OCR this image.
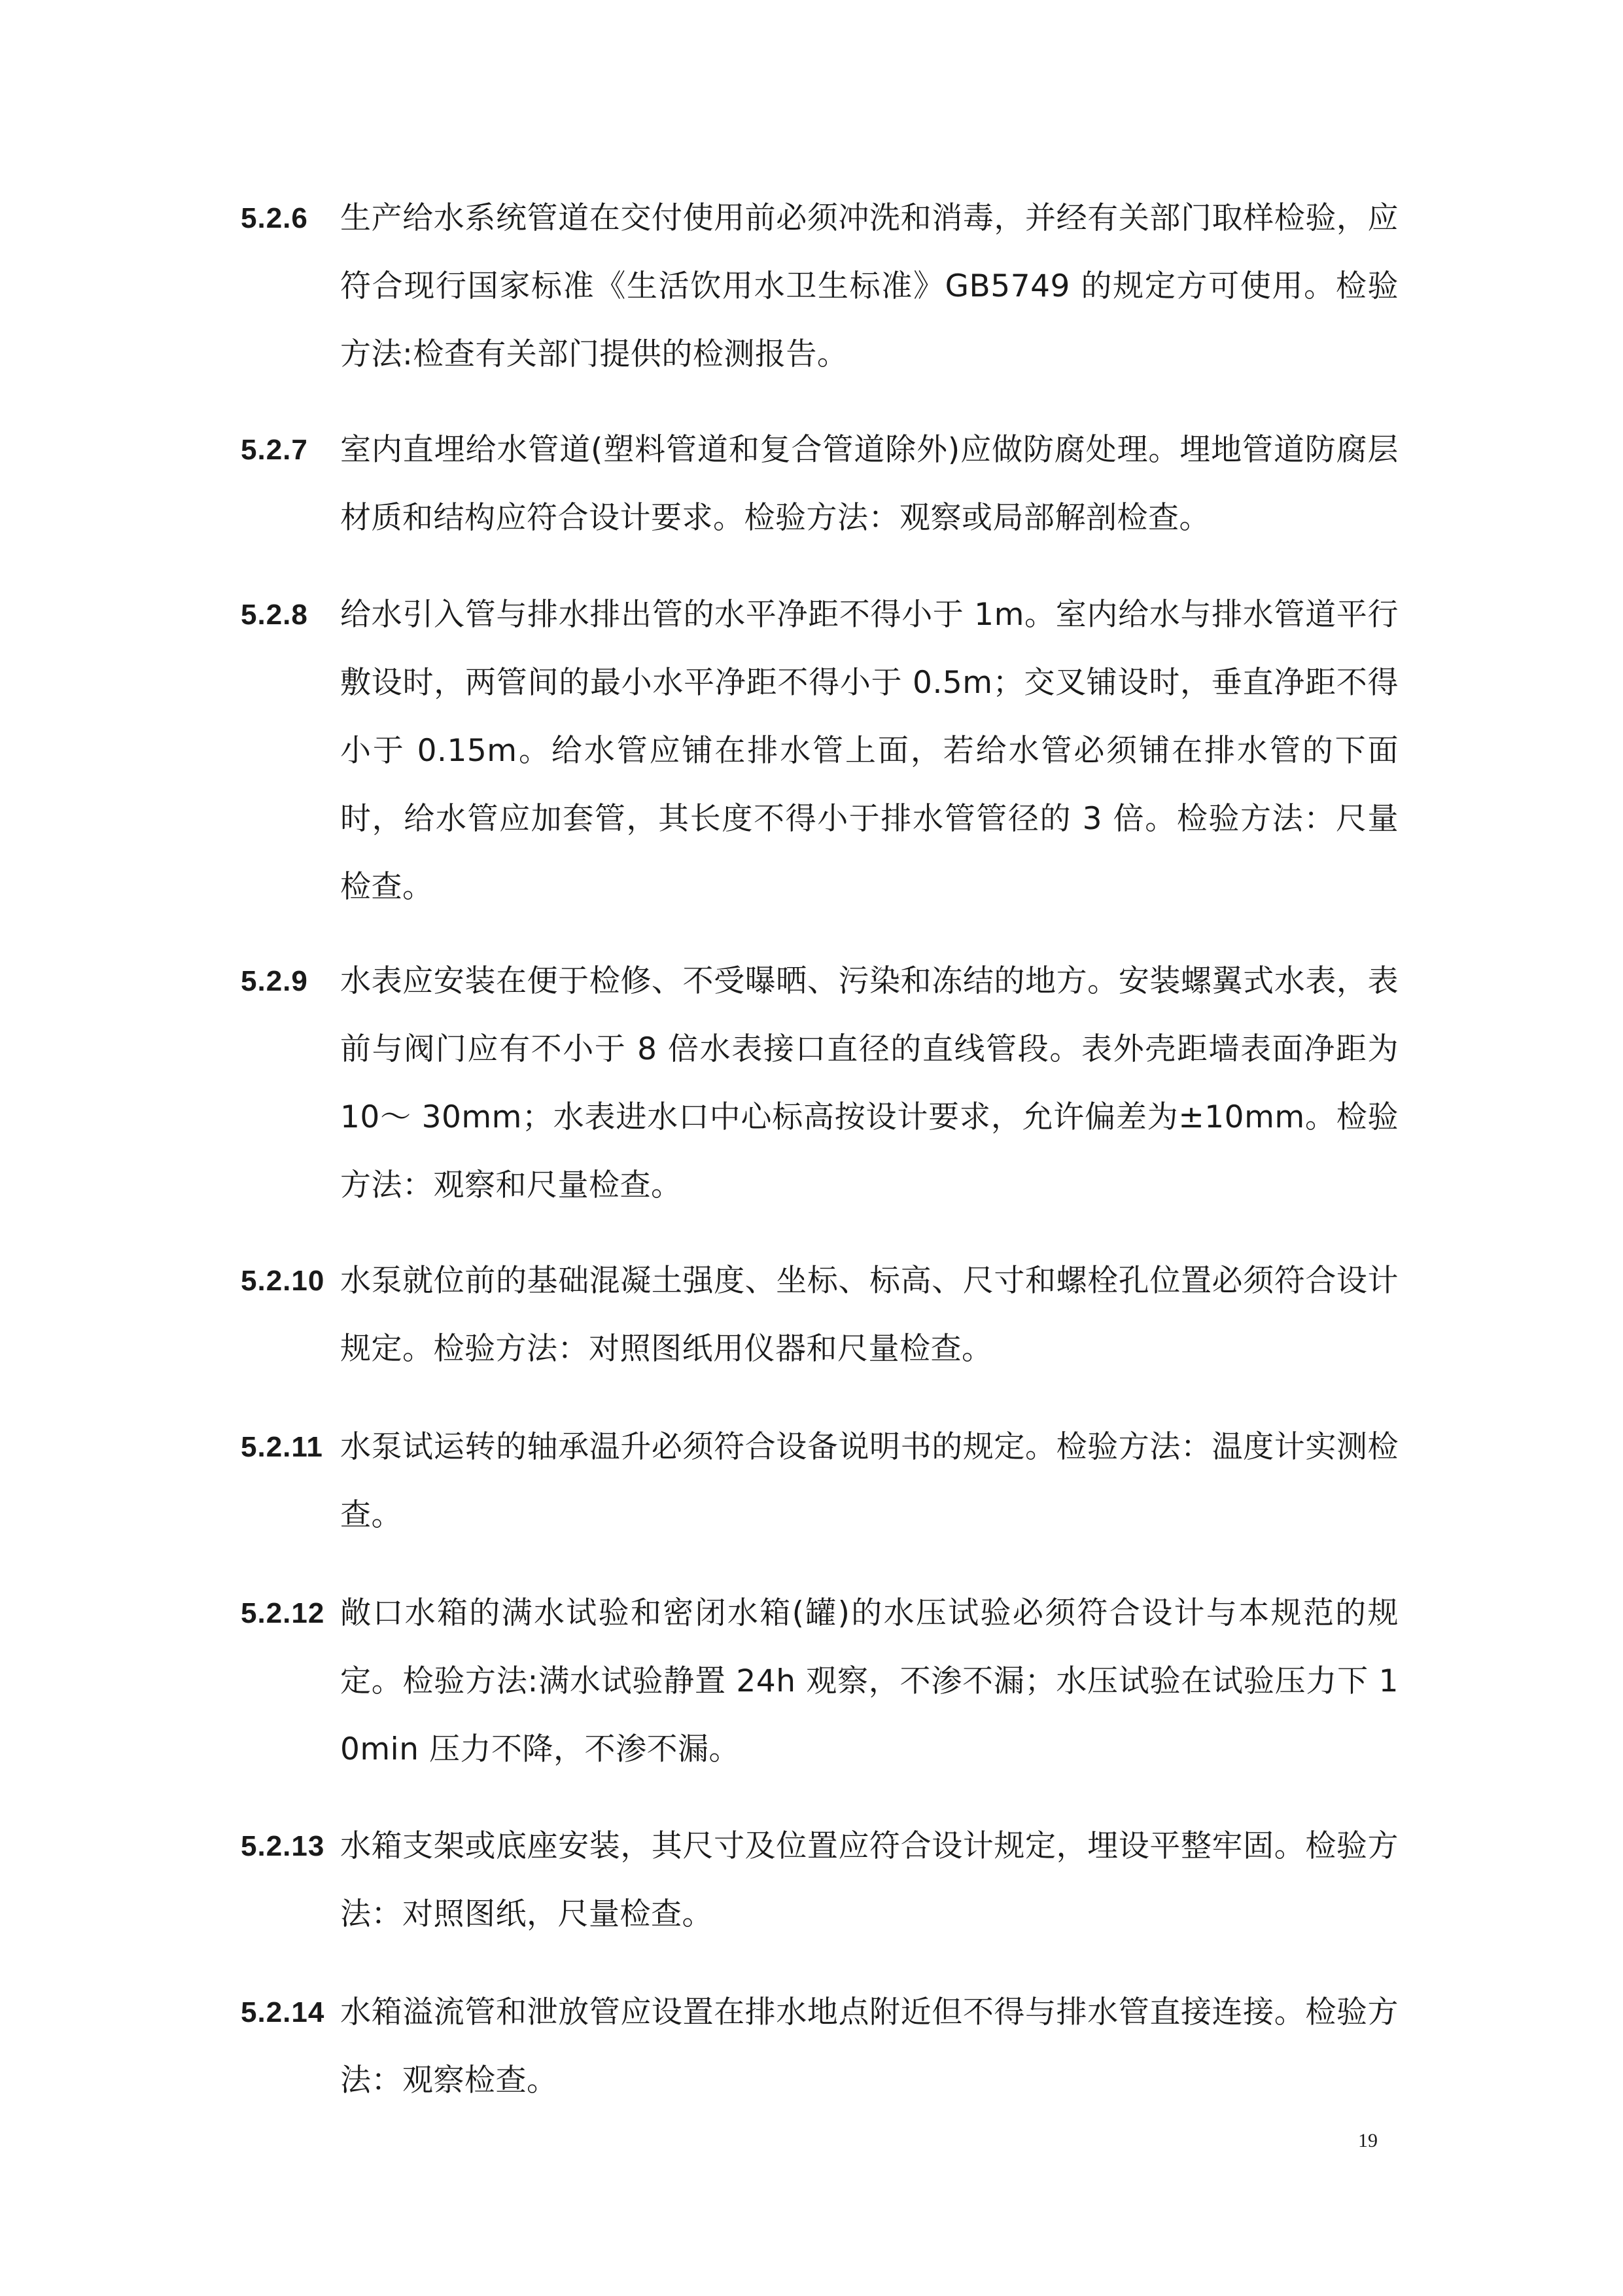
5.2.6 生产给水系统管道在交付使用前必须冲洗和消毒，并经有关部门取样检验，应符合现行国家标准《生活饮用水卫生标准》GB5749 的规定方可使用。检验方法:检查有关部门提供的检测报告。
5.2.7 室内直埋给水管道(塑料管道和复合管道除外)应做防腐处理。埋地管道防腐层材质和结构应符合设计要求。检验方法：观察或局部解剖检查。
5.2.8 给水引入管与排水排出管的水平净距不得小于 1m。室内给水与排水管道平行敷设时，两管间的最小水平净距不得小于 0.5m；交叉铺设时，垂直净距不得小于 0.15m。给水管应铺在排水管上面，若给水管必须铺在排水管的下面时，给水管应加套管，其长度不得小于排水管管径的 3 倍。检验方法：尺量检查。
5.2.9 水表应安装在便于检修、不受曝晒、污染和冻结的地方。安装螺翼式水表，表前与阀门应有不小于 8 倍水表接口直径的直线管段。表外壳距墙表面净距为 10～ 30mm；水表进水口中心标高按设计要求，允许偏差为±10mm。检验方法：观察和尺量检查。
5.2.10 水泵就位前的基础混凝土强度、坐标、标高、尺寸和螺栓孔位置必须符合设计规定。检验方法：对照图纸用仪器和尺量检查。
5.2.11 水泵试运转的轴承温升必须符合设备说明书的规定。检验方法：温度计实测检查。
5.2.12 敞口水箱的满水试验和密闭水箱(罐)的水压试验必须符合设计与本规范的规定。检验方法:满水试验静置 24h 观察，不渗不漏；水压试验在试验压力下 10min 压力不降，不渗不漏。
5.2.13 水箱支架或底座安装，其尺寸及位置应符合设计规定，埋设平整牢固。检验方法：对照图纸，尺量检查。
5.2.14 水箱溢流管和泄放管应设置在排水地点附近但不得与排水管直接连接。检验方法：观察检查。
19
